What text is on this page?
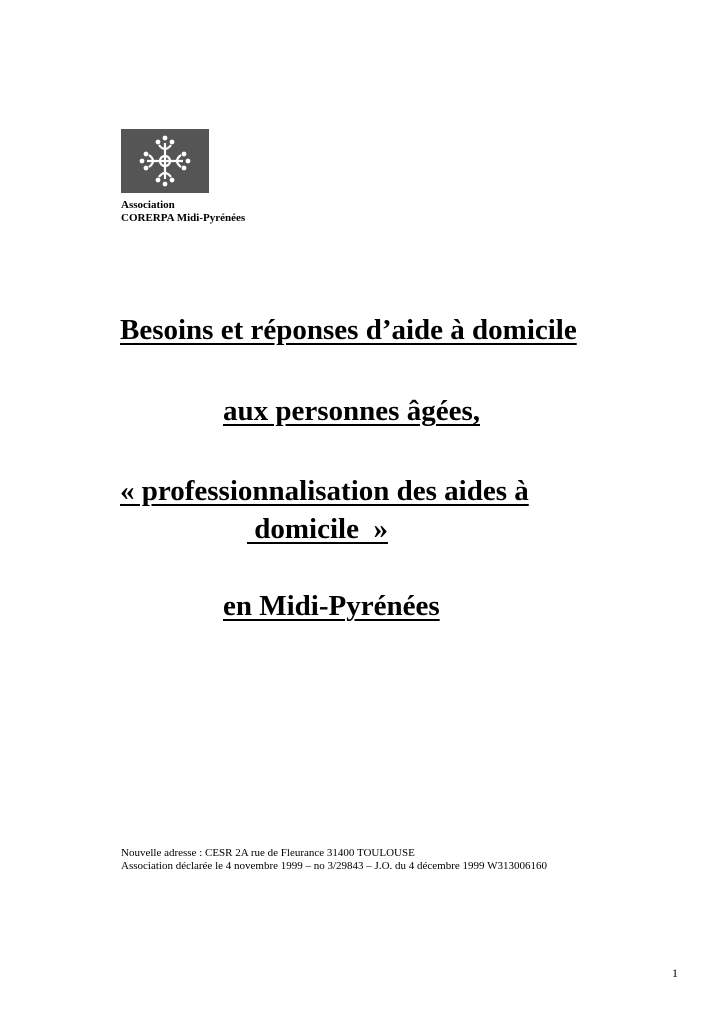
Association
CORERPA Midi-Pyrénées
Besoins et réponses d’aide à domicile
aux personnes âgées,
« professionnalisation des aides à
domicile  »
en Midi-Pyrénées
Nouvelle adresse : CESR 2A rue de Fleurance 31400 TOULOUSE
Association déclarée le 4 novembre 1999 – no 3/29843 – J.O. du 4 décembre 1999 W313006160
1
